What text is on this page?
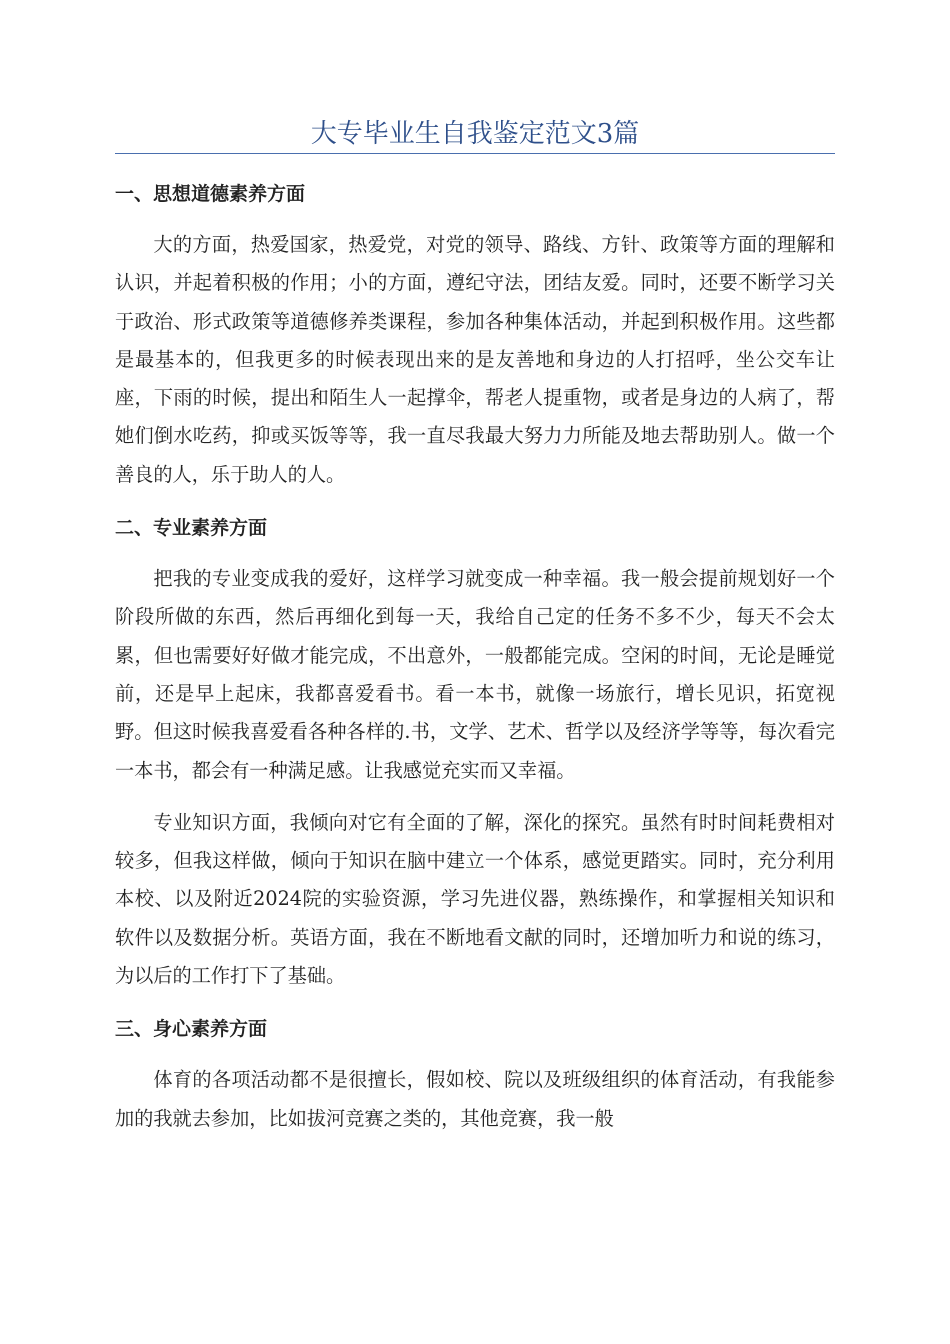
大专毕业生自我鉴定范文3篇
一、思想道德素养方面

大的方面，热爱国家，热爱党，对党的领导、路线、方针、政策等方面的理解和认识，并起着积极的作用；小的方面，遵纪守法，团结友爱。同时，还要不断学习关于政治、形式政策等道德修养类课程，参加各种集体活动，并起到积极作用。这些都是最基本的，但我更多的时候表现出来的是友善地和身边的人打招呼，坐公交车让座，下雨的时候，提出和陌生人一起撑伞，帮老人提重物，或者是身边的人病了，帮她们倒水吃药，抑或买饭等等，我一直尽我最大努力力所能及地去帮助别人。做一个善良的人，乐于助人的人。

二、专业素养方面

把我的专业变成我的爱好，这样学习就变成一种幸福。我一般会提前规划好一个阶段所做的东西，然后再细化到每一天，我给自己定的任务不多不少，每天不会太累，但也需要好好做才能完成，不出意外，一般都能完成。空闲的时间，无论是睡觉前，还是早上起床，我都喜爱看书。看一本书，就像一场旅行，增长见识，拓宽视野。但这时候我喜爱看各种各样的.书，文学、艺术、哲学以及经济学等等，每次看完一本书，都会有一种满足感。让我感觉充实而又幸福。

专业知识方面，我倾向对它有全面的了解，深化的探究。虽然有时时间耗费相对较多，但我这样做，倾向于知识在脑中建立一个体系，感觉更踏实。同时，充分利用本校、以及附近2024院的实验资源，学习先进仪器，熟练操作，和掌握相关知识和软件以及数据分析。英语方面，我在不断地看文献的同时，还增加听力和说的练习，为以后的工作打下了基础。

三、身心素养方面

体育的各项活动都不是很擅长，假如校、院以及班级组织的体育活动，有我能参加的我就去参加，比如拔河竞赛之类的，其他竞赛，我一般
